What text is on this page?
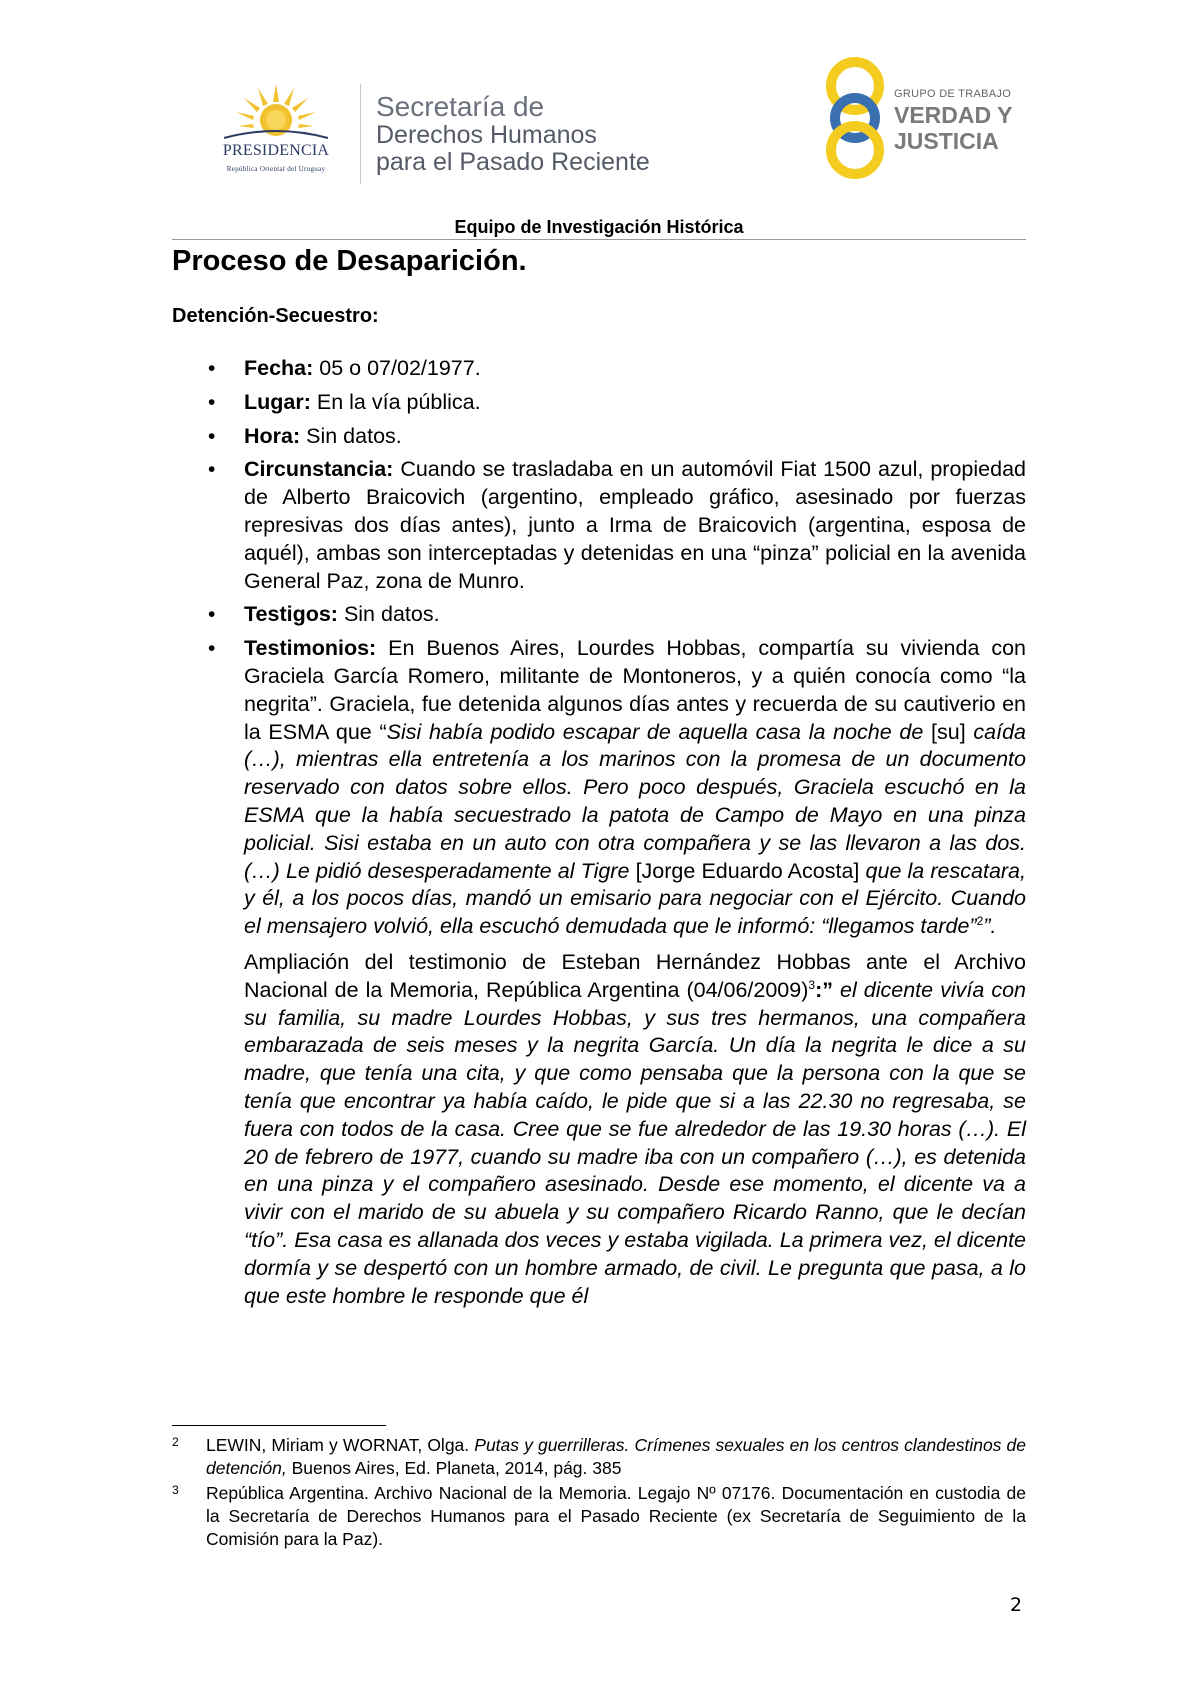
PRESIDENCIA
República Oriental del Uruguay
Secretaría de
Derechos Humanos
para el Pasado Reciente
GRUPO DE TRABAJO
VERDAD Y
JUSTICIA
Equipo de Investigación Histórica
Proceso de Desaparición.
Detención-Secuestro:
• Fecha: 05 o 07/02/1977.
• Lugar: En la vía pública.
• Hora: Sin datos.
• Circunstancia: Cuando se trasladaba en un automóvil Fiat 1500 azul, propiedad de Alberto Braicovich (argentino, empleado gráfico, asesinado por fuerzas represivas dos días antes), junto a Irma de Braicovich (argentina, esposa de aquél), ambas son interceptadas y detenidas en una “pinza” policial en la avenida General Paz, zona de Munro.
• Testigos: Sin datos.
• Testimonios: En Buenos Aires, Lourdes Hobbas, compartía su vivienda con Graciela García Romero, militante de Montoneros, y a quién conocía como “la negrita”. Graciela, fue detenida algunos días antes y recuerda de su cautiverio en la ESMA que “Sisi había podido escapar de aquella casa la noche de [su] caída (…), mientras ella entretenía a los marinos con la promesa de un documento reservado con datos sobre ellos. Pero poco después, Graciela escuchó en la ESMA que la había secuestrado la patota de Campo de Mayo en una pinza policial. Sisi estaba en un auto con otra compañera y se las llevaron a las dos. (…) Le pidió desesperadamente al Tigre [Jorge Eduardo Acosta] que la rescatara, y él, a los pocos días, mandó un emisario para negociar con el Ejército. Cuando el mensajero volvió, ella escuchó demudada que le informó: “llegamos tarde”$^2$”.
Ampliación del testimonio de Esteban Hernández Hobbas ante el Archivo Nacional de la Memoria, República Argentina $(04/06/2009)^3$:” el dicente vivía con su familia, su madre Lourdes Hobbas, y sus tres hermanos, una compañera embarazada de seis meses y la negrita García. Un día la negrita le dice a su madre, que tenía una cita, y que como pensaba que la persona con la que se tenía que encontrar ya había caído, le pide que si a las 22.30 no regresaba, se fuera con todos de la casa. Cree que se fue alrededor de las 19.30 horas (…). El 20 de febrero de 1977, cuando su madre iba con un compañero (…), es detenida en una pinza y el compañero asesinado. Desde ese momento, el dicente va a vivir con el marido de su abuela y su compañero Ricardo Ranno, que le decían “tío”. Esa casa es allanada dos veces y estaba vigilada. La primera vez, el dicente dormía y se despertó con un hombre armado, de civil. Le pregunta que pasa, a lo que este hombre le responde que él
2 LEWIN, Miriam y WORNAT, Olga. Putas y guerrilleras. Crímenes sexuales en los centros clandestinos de detención, Buenos Aires, Ed. Planeta, 2014, pág. 385
3 República Argentina. Archivo Nacional de la Memoria. Legajo Nº 07176. Documentación en custodia de la Secretaría de Derechos Humanos para el Pasado Reciente (ex Secretaría de Seguimiento de la Comisión para la Paz).
2
